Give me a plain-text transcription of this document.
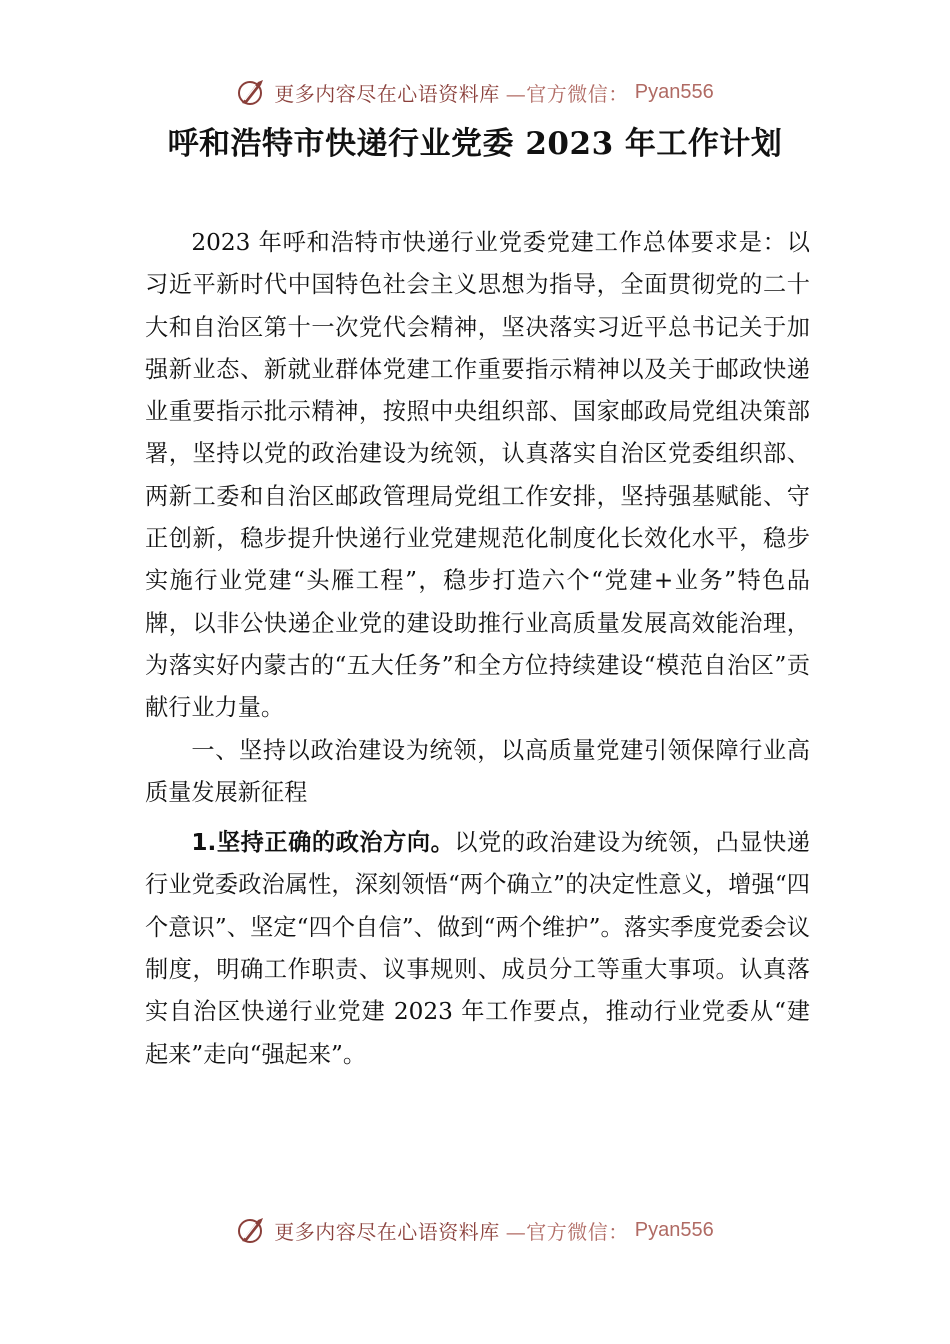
更多内容尽在心语资料库 —官方微信： Pyan556
呼和浩特市快递行业党委 2023 年工作计划

2023 年呼和浩特市快递行业党委党建工作总体要求是：以习近平新时代中国特色社会主义思想为指导，全面贯彻党的二十大和自治区第十一次党代会精神，坚决落实习近平总书记关于加强新业态、新就业群体党建工作重要指示精神以及关于邮政快递业重要指示批示精神，按照中央组织部、国家邮政局党组决策部署，坚持以党的政治建设为统领，认真落实自治区党委组织部、两新工委和自治区邮政管理局党组工作安排，坚持强基赋能、守正创新，稳步提升快递行业党建规范化制度化长效化水平，稳步实施行业党建“头雁工程”，稳步打造六个“党建+业务”特色品牌，以非公快递企业党的建设助推行业高质量发展高效能治理，为落实好内蒙古的“五大任务”和全方位持续建设“模范自治区”贡献行业力量。

一、坚持以政治建设为统领，以高质量党建引领保障行业高质量发展新征程

1.坚持正确的政治方向。以党的政治建设为统领，凸显快递行业党委政治属性，深刻领悟“两个确立”的决定性意义，增强“四个意识”、坚定“四个自信”、做到“两个维护”。落实季度党委会议制度，明确工作职责、议事规则、成员分工等重大事项。认真落实自治区快递行业党建 2023 年工作要点，推动行业党委从“建起来”走向“强起来”。

更多内容尽在心语资料库 —官方微信： Pyan556
